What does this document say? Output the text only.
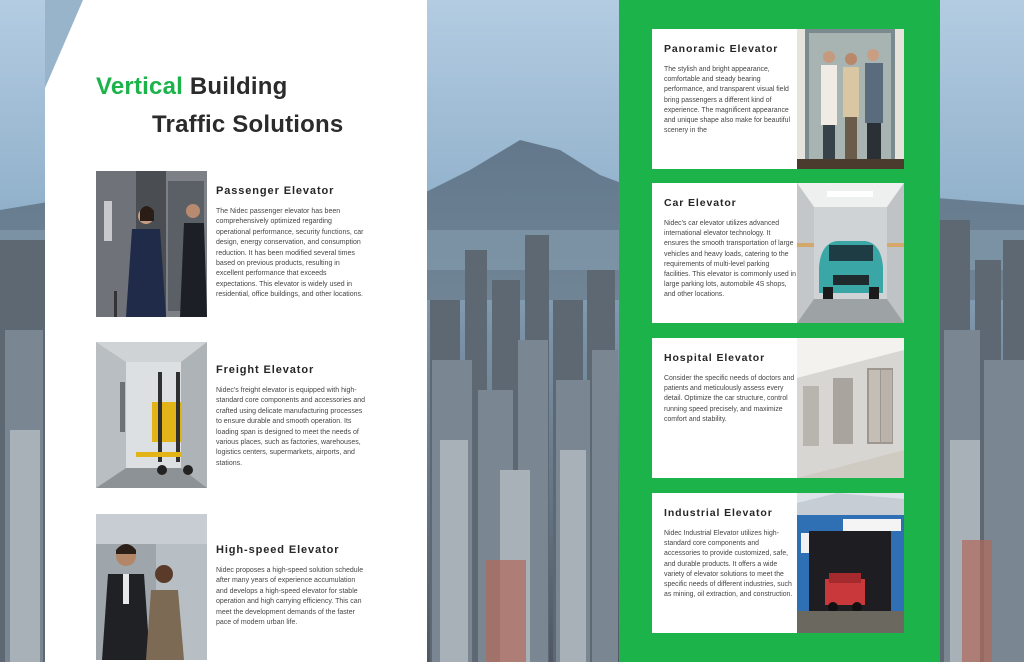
Vertical Building
Traffic Solutions
Passenger Elevator
The Nidec passenger elevator has been comprehensively optimized regarding operational performance, security functions, car design, energy conservation, and consumption reduction. It has been modified several times based on previous products, resulting in excellent performance that exceeds expectations. This elevator is widely used in residential, office buildings, and other locations.
Freight Elevator
Nidec's freight elevator is equipped with high-standard core components and accessories and crafted using delicate manufacturing processes to ensure durable and smooth operation. Its loading span is designed to meet the needs of various places, such as factories, warehouses, logistics centers, supermarkets, airports, and stations.
High-speed Elevator
Nidec proposes a high-speed solution schedule after many years of experience accumulation and develops a high-speed elevator for stable operation and high carrying efficiency. This can meet the development demands of the faster pace of modern urban life.
Panoramic Elevator
The stylish and bright appearance, comfortable and steady bearing performance, and transparent visual field bring passengers a different kind of experience. The magnificent appearance and unique shape also make for beautiful scenery in the
Car Elevator
Nidec's car elevator utilizes advanced international elevator technology. It ensures the smooth transportation of large vehicles and heavy loads, catering to the requirements of multi-level parking facilities. This elevator is commonly used in large parking lots, automobile 4S shops, and other locations.
Hospital Elevator
Consider the specific needs of doctors and patients and meticulously assess every detail. Optimize the car structure, control running speed precisely, and maximize comfort and stability.
Industrial Elevator
Nidec Industrial Elevator utilizes high-standard core components and accessories to provide customized, safe, and durable products. It offers a wide variety of elevator solutions to meet the specific needs of different industries, such as mining, oil extraction, and construction.
